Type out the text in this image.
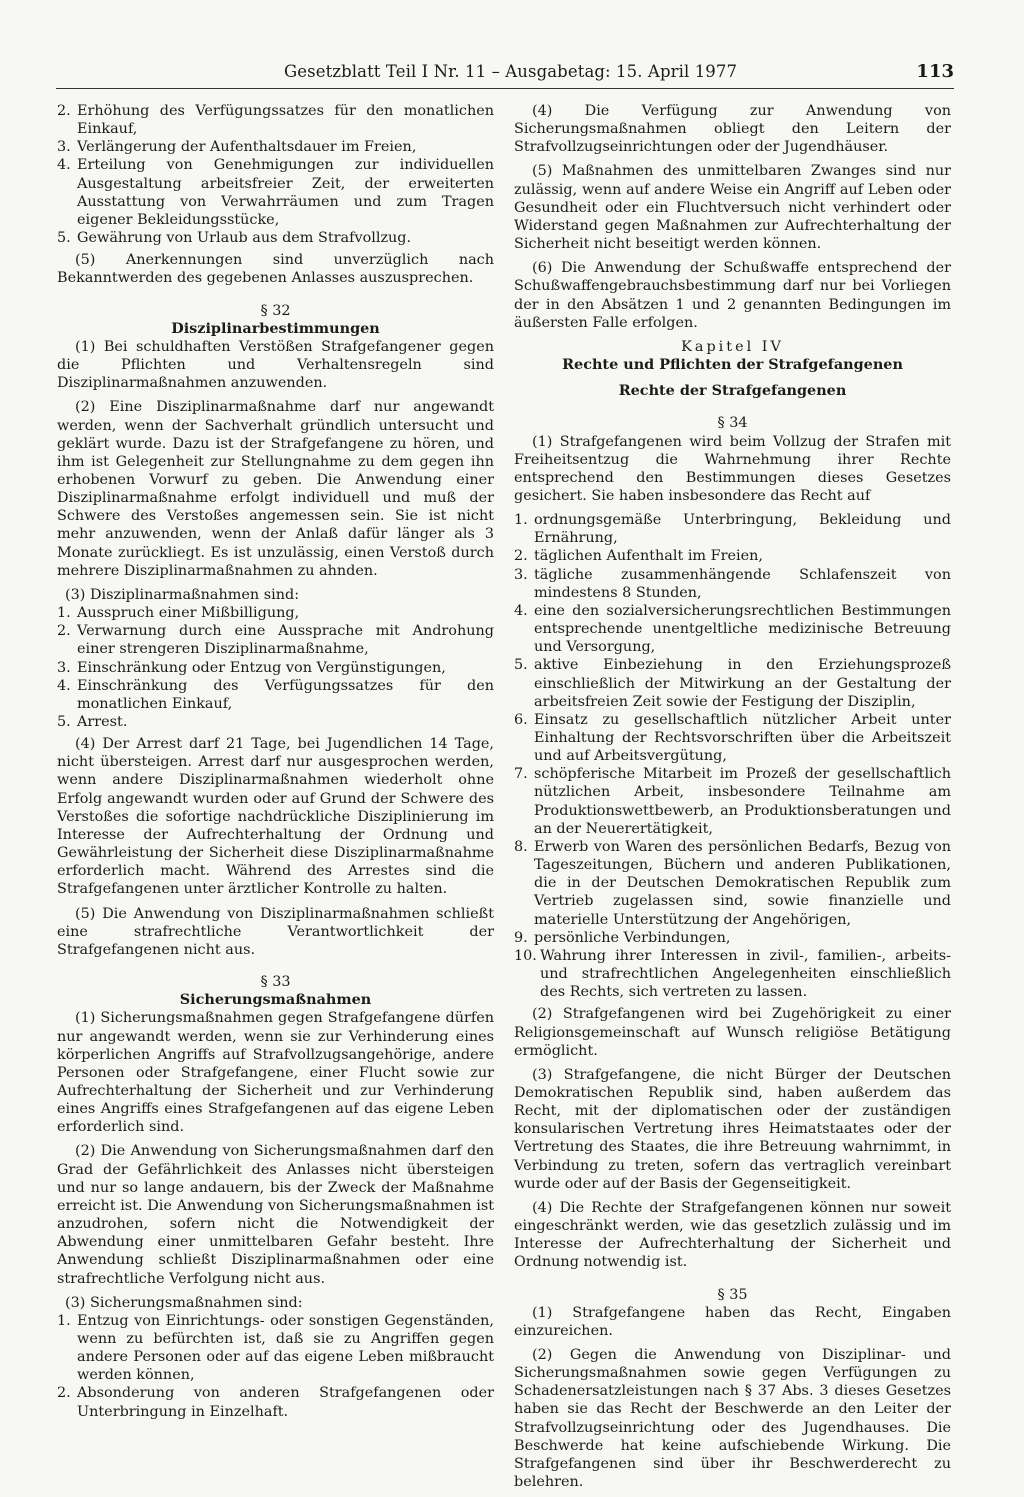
Gesetzblatt Teil I Nr. 11 – Ausgabetag: 15. April 1977	113
2. Erhöhung des Verfügungssatzes für den monatlichen Einkauf,
3. Verlängerung der Aufenthaltsdauer im Freien,
4. Erteilung von Genehmigungen zur individuellen Ausgestaltung arbeitsfreier Zeit, der erweiterten Ausstattung von Verwahrräumen und zum Tragen eigener Bekleidungsstücke,
5. Gewährung von Urlaub aus dem Strafvollzug.

(5) Anerkennungen sind unverzüglich nach Bekanntwerden des gegebenen Anlasses auszusprechen.

§ 32

Disziplinarbestimmungen

(1) Bei schuldhaften Verstößen Strafgefangener gegen die Pflichten und Verhaltensregeln sind Disziplinarmaßnahmen anzuwenden.

(2) Eine Disziplinarmaßnahme darf nur angewandt werden, wenn der Sachverhalt gründlich untersucht und geklärt wurde. Dazu ist der Strafgefangene zu hören, und ihm ist Gelegenheit zur Stellungnahme zu dem gegen ihn erhobenen Vorwurf zu geben. Die Anwendung einer Disziplinarmaßnahme erfolgt individuell und muß der Schwere des Verstoßes angemessen sein. Sie ist nicht mehr anzuwenden, wenn der Anlaß dafür länger als 3 Monate zurückliegt. Es ist unzulässig, einen Verstoß durch mehrere Disziplinarmaßnahmen zu ahnden.

(3) Disziplinarmaßnahmen sind:

1. Ausspruch einer Mißbilligung,
2. Verwarnung durch eine Aussprache mit Androhung einer strengeren Disziplinarmaßnahme,
3. Einschränkung oder Entzug von Vergünstigungen,
4. Einschränkung des Verfügungssatzes für den monatlichen Einkauf,
5. Arrest.

(4) Der Arrest darf 21 Tage, bei Jugendlichen 14 Tage, nicht übersteigen. Arrest darf nur ausgesprochen werden, wenn andere Disziplinarmaßnahmen wiederholt ohne Erfolg angewandt wurden oder auf Grund der Schwere des Verstoßes die sofortige nachdrückliche Disziplinierung im Interesse der Aufrechterhaltung der Ordnung und Gewährleistung der Sicherheit diese Disziplinarmaßnahme erforderlich macht. Während des Arrestes sind die Strafgefangenen unter ärztlicher Kontrolle zu halten.

(5) Die Anwendung von Disziplinarmaßnahmen schließt eine strafrechtliche Verantwortlichkeit der Strafgefangenen nicht aus.

§ 33

Sicherungsmaßnahmen

(1) Sicherungsmaßnahmen gegen Strafgefangene dürfen nur angewandt werden, wenn sie zur Verhinderung eines körperlichen Angriffs auf Strafvollzugsangehörige, andere Personen oder Strafgefangene, einer Flucht sowie zur Aufrechterhaltung der Sicherheit und zur Verhinderung eines Angriffs eines Strafgefangenen auf das eigene Leben erforderlich sind.

(2) Die Anwendung von Sicherungsmaßnahmen darf den Grad der Gefährlichkeit des Anlasses nicht übersteigen und nur so lange andauern, bis der Zweck der Maßnahme erreicht ist. Die Anwendung von Sicherungsmaßnahmen ist anzudrohen, sofern nicht die Notwendigkeit der Abwendung einer unmittelbaren Gefahr besteht. Ihre Anwendung schließt Disziplinarmaßnahmen oder eine strafrechtliche Verfolgung nicht aus.

(3) Sicherungsmaßnahmen sind:

1. Entzug von Einrichtungs- oder sonstigen Gegenständen, wenn zu befürchten ist, daß sie zu Angriffen gegen andere Personen oder auf das eigene Leben mißbraucht werden können,
2. Absonderung von anderen Strafgefangenen oder Unterbringung in Einzelhaft.

(4) Die Verfügung zur Anwendung von Sicherungsmaßnahmen obliegt den Leitern der Strafvollzugseinrichtungen oder der Jugendhäuser.

(5) Maßnahmen des unmittelbaren Zwanges sind nur zulässig, wenn auf andere Weise ein Angriff auf Leben oder Gesundheit oder ein Fluchtversuch nicht verhindert oder Widerstand gegen Maßnahmen zur Aufrechterhaltung der Sicherheit nicht beseitigt werden können.

(6) Die Anwendung der Schußwaffe entsprechend der Schußwaffengebrauchsbestimmung darf nur bei Vorliegen der in den Absätzen 1 und 2 genannten Bedingungen im äußersten Falle erfolgen.

Kapitel IV

Rechte und Pflichten der Strafgefangenen

Rechte der Strafgefangenen

§ 34

(1) Strafgefangenen wird beim Vollzug der Strafen mit Freiheitsentzug die Wahrnehmung ihrer Rechte entsprechend den Bestimmungen dieses Gesetzes gesichert. Sie haben insbesondere das Recht auf

1. ordnungsgemäße Unterbringung, Bekleidung und Ernährung,
2. täglichen Aufenthalt im Freien,
3. tägliche zusammenhängende Schlafenszeit von mindestens 8 Stunden,
4. eine den sozialversicherungsrechtlichen Bestimmungen entsprechende unentgeltliche medizinische Betreuung und Versorgung,
5. aktive Einbeziehung in den Erziehungsprozeß einschließlich der Mitwirkung an der Gestaltung der arbeitsfreien Zeit sowie der Festigung der Disziplin,
6. Einsatz zu gesellschaftlich nützlicher Arbeit unter Einhaltung der Rechtsvorschriften über die Arbeitszeit und auf Arbeitsvergütung,
7. schöpferische Mitarbeit im Prozeß der gesellschaftlich nützlichen Arbeit, insbesondere Teilnahme am Produktionswettbewerb, an Produktionsberatungen und an der Neuerertätigkeit,
8. Erwerb von Waren des persönlichen Bedarfs, Bezug von Tageszeitungen, Büchern und anderen Publikationen, die in der Deutschen Demokratischen Republik zum Vertrieb zugelassen sind, sowie finanzielle und materielle Unterstützung der Angehörigen,
9. persönliche Verbindungen,
10. Wahrung ihrer Interessen in zivil-, familien-, arbeits- und strafrechtlichen Angelegenheiten einschließlich des Rechts, sich vertreten zu lassen.

(2) Strafgefangenen wird bei Zugehörigkeit zu einer Religionsgemeinschaft auf Wunsch religiöse Betätigung ermöglicht.

(3) Strafgefangene, die nicht Bürger der Deutschen Demokratischen Republik sind, haben außerdem das Recht, mit der diplomatischen oder der zuständigen konsularischen Vertretung ihres Heimatstaates oder der Vertretung des Staates, die ihre Betreuung wahrnimmt, in Verbindung zu treten, sofern das vertraglich vereinbart wurde oder auf der Basis der Gegenseitigkeit.

(4) Die Rechte der Strafgefangenen können nur soweit eingeschränkt werden, wie das gesetzlich zulässig und im Interesse der Aufrechterhaltung der Sicherheit und Ordnung notwendig ist.

§ 35

(1) Strafgefangene haben das Recht, Eingaben einzureichen.

(2) Gegen die Anwendung von Disziplinar- und Sicherungsmaßnahmen sowie gegen Verfügungen zu Schadenersatzleistungen nach § 37 Abs. 3 dieses Gesetzes haben sie das Recht der Beschwerde an den Leiter der Strafvollzugseinrichtung oder des Jugendhauses. Die Beschwerde hat keine aufschiebende Wirkung. Die Strafgefangenen sind über ihr Beschwerderecht zu belehren.
